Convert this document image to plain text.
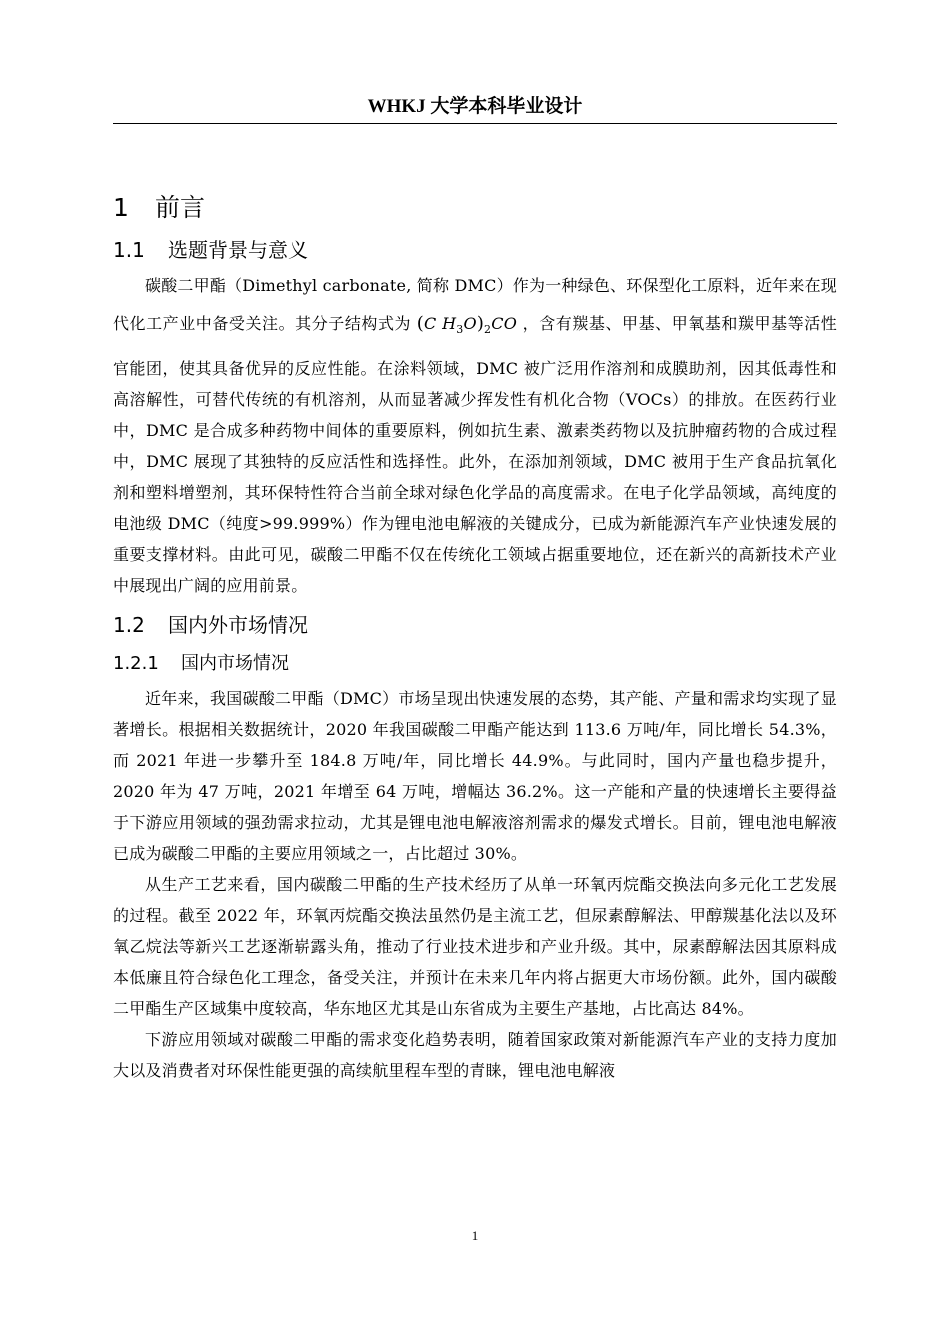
WHKJ 大学本科毕业设计
1 前言
1.1 选题背景与意义

碳酸二甲酯（Dimethyl carbonate, 简称 DMC）作为一种绿色、环保型化工原料，近年来在现代化工产业中备受关注。其分子结构式为 (C $H_3O)_2CO$ ，含有羰基、甲基、甲氧基和羰甲基等活性官能团，使其具备优异的反应性能。在涂料领域，DMC 被广泛用作溶剂和成膜助剂，因其低毒性和高溶解性，可替代传统的有机溶剂，从而显著减少挥发性有机化合物（VOCs）的排放。在医药行业中，DMC 是合成多种药物中间体的重要原料，例如抗生素、激素类药物以及抗肿瘤药物的合成过程中，DMC 展现了其独特的反应活性和选择性。此外，在添加剂领域，DMC 被用于生产食品抗氧化剂和塑料增塑剂，其环保特性符合当前全球对绿色化学品的高度需求。在电子化学品领域，高纯度的电池级 DMC（纯度>99.999%）作为锂电池电解液的关键成分，已成为新能源汽车产业快速发展的重要支撑材料。由此可见，碳酸二甲酯不仅在传统化工领域占据重要地位，还在新兴的高新技术产业中展现出广阔的应用前景。

1.2 国内外市场情况
1.2.1 国内市场情况

近年来，我国碳酸二甲酯（DMC）市场呈现出快速发展的态势，其产能、产量和需求均实现了显著增长。根据相关数据统计，2020 年我国碳酸二甲酯产能达到 113.6 万吨/年，同比增长 54.3%，而 2021 年进一步攀升至 184.8 万吨/年，同比增长 44.9%。与此同时，国内产量也稳步提升，2020 年为 47 万吨，2021 年增至 64 万吨，增幅达 36.2%。这一产能和产量的快速增长主要得益于下游应用领域的强劲需求拉动，尤其是锂电池电解液溶剂需求的爆发式增长。目前，锂电池电解液已成为碳酸二甲酯的主要应用领域之一，占比超过 30%。

从生产工艺来看，国内碳酸二甲酯的生产技术经历了从单一环氧丙烷酯交换法向多元化工艺发展的过程。截至 2022 年，环氧丙烷酯交换法虽然仍是主流工艺，但尿素醇解法、甲醇羰基化法以及环氧乙烷法等新兴工艺逐渐崭露头角，推动了行业技术进步和产业升级。其中，尿素醇解法因其原料成本低廉且符合绿色化工理念，备受关注，并预计在未来几年内将占据更大市场份额。此外，国内碳酸二甲酯生产区域集中度较高，华东地区尤其是山东省成为主要生产基地，占比高达 84%。

下游应用领域对碳酸二甲酯的需求变化趋势表明，随着国家政策对新能源汽车产业的支持力度加大以及消费者对环保性能更强的高续航里程车型的青睐，锂电池电解液

1
